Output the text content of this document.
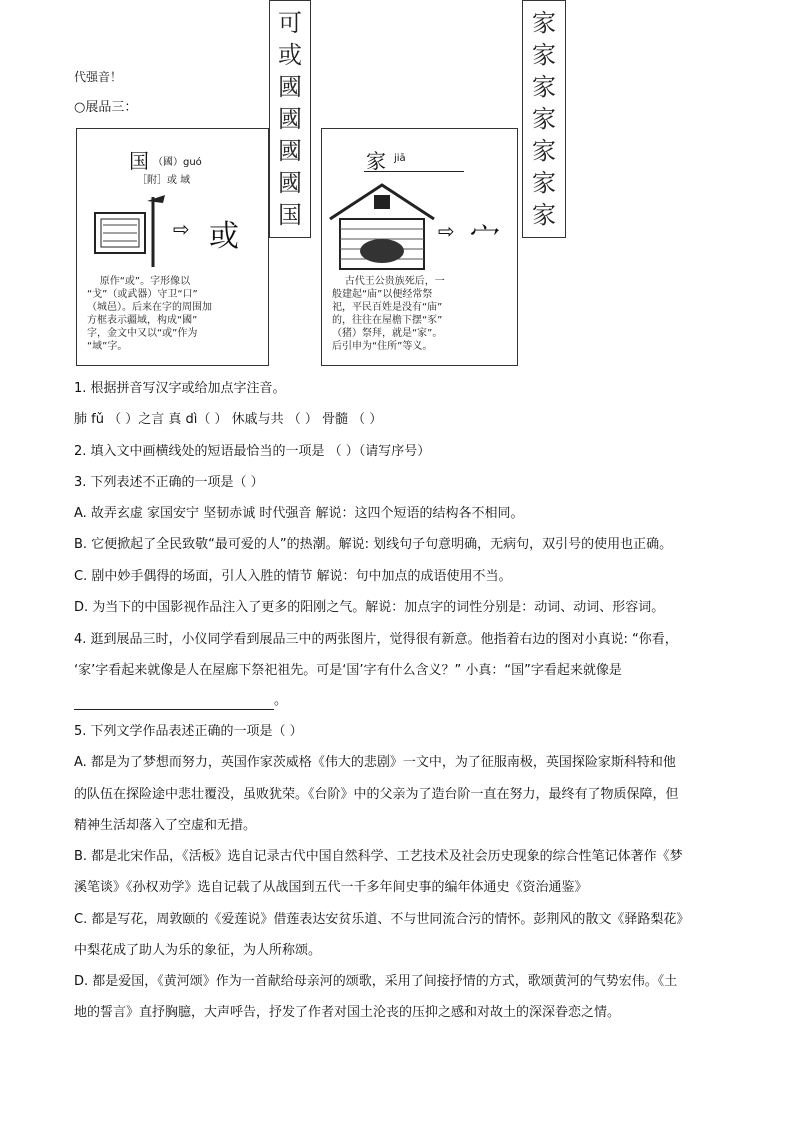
代强音！
○展品三：
国 （國）guó
［附］或 域
⇨ 或
原作“或”。字形像以
“戈”（或武器）守卫“口”
（城邑）。后来在字的周围加
方框表示疆域，构成“國”
字，金文中又以“或”作为
“域”字。
可
或
國
國
國
國
国
家 jiā
⇨ 宀
古代王公贵族死后，一
般建起“庙”以便经常祭
祀，平民百姓是没有“庙”
的，往往在屋檐下摆“豕”
（猪）祭拜，就是“家”。
后引申为“住所”等义。
家
家
家
家
家
家
家
1. 根据拼音写汉字或给加点字注音。
肺 fǔ （ ）之言 真 dì（ ） 休戚与共 （ ） 骨髓 （ ）
2. 填入文中画横线处的短语最恰当的一项是 （ ）（请写序号）
3. 下列表述不正确的一项是（ ）
A. 故弄玄虚 家国安宁 坚韧赤诚 时代强音 解说：这四个短语的结构各不相同。
B. 它便掀起了全民致敬“最可爱的人”的热潮。解说: 划线句子句意明确，无病句，双引号的使用也正确。
C. 剧中妙手偶得的场面，引人入胜的情节 解说：句中加点的成语使用不当。
D. 为当下的中国影视作品注入了更多的阳刚之气。解说：加点字的词性分别是：动词、动词、形容词。
4. 逛到展品三时，小仪同学看到展品三中的两张图片，觉得很有新意。他指着右边的图对小真说: “你看，
‘家’字看起来就像是人在屋廊下祭祀祖先。可是‘国’字有什么含义？” 小真：“国”字看起来就像是
。
5. 下列文学作品表述正确的一项是（ ）
A. 都是为了梦想而努力，英国作家茨威格《伟大的悲剧》一文中，为了征服南极，英国探险家斯科特和他
的队伍在探险途中悲壮覆没，虽败犹荣。《台阶》中的父亲为了造台阶一直在努力，最终有了物质保障，但
精神生活却落入了空虚和无措。
B. 都是北宋作品，《活板》选自记录古代中国自然科学、工艺技术及社会历史现象的综合性笔记体著作《梦
溪笔谈》《孙权劝学》选自记载了从战国到五代一千多年间史事的编年体通史《资治通鉴》
C. 都是写花，周敦颐的《爱莲说》借莲表达安贫乐道、不与世同流合污的情怀。彭荆风的散文《驿路梨花》
中梨花成了助人为乐的象征，为人所称颂。
D. 都是爱国，《黄河颂》作为一首献给母亲河的颂歌，采用了间接抒情的方式，歌颂黄河的气势宏伟。《土
地的誓言》直抒胸臆，大声呼告，抒发了作者对国土沦丧的压抑之感和对故土的深深眷恋之情。
